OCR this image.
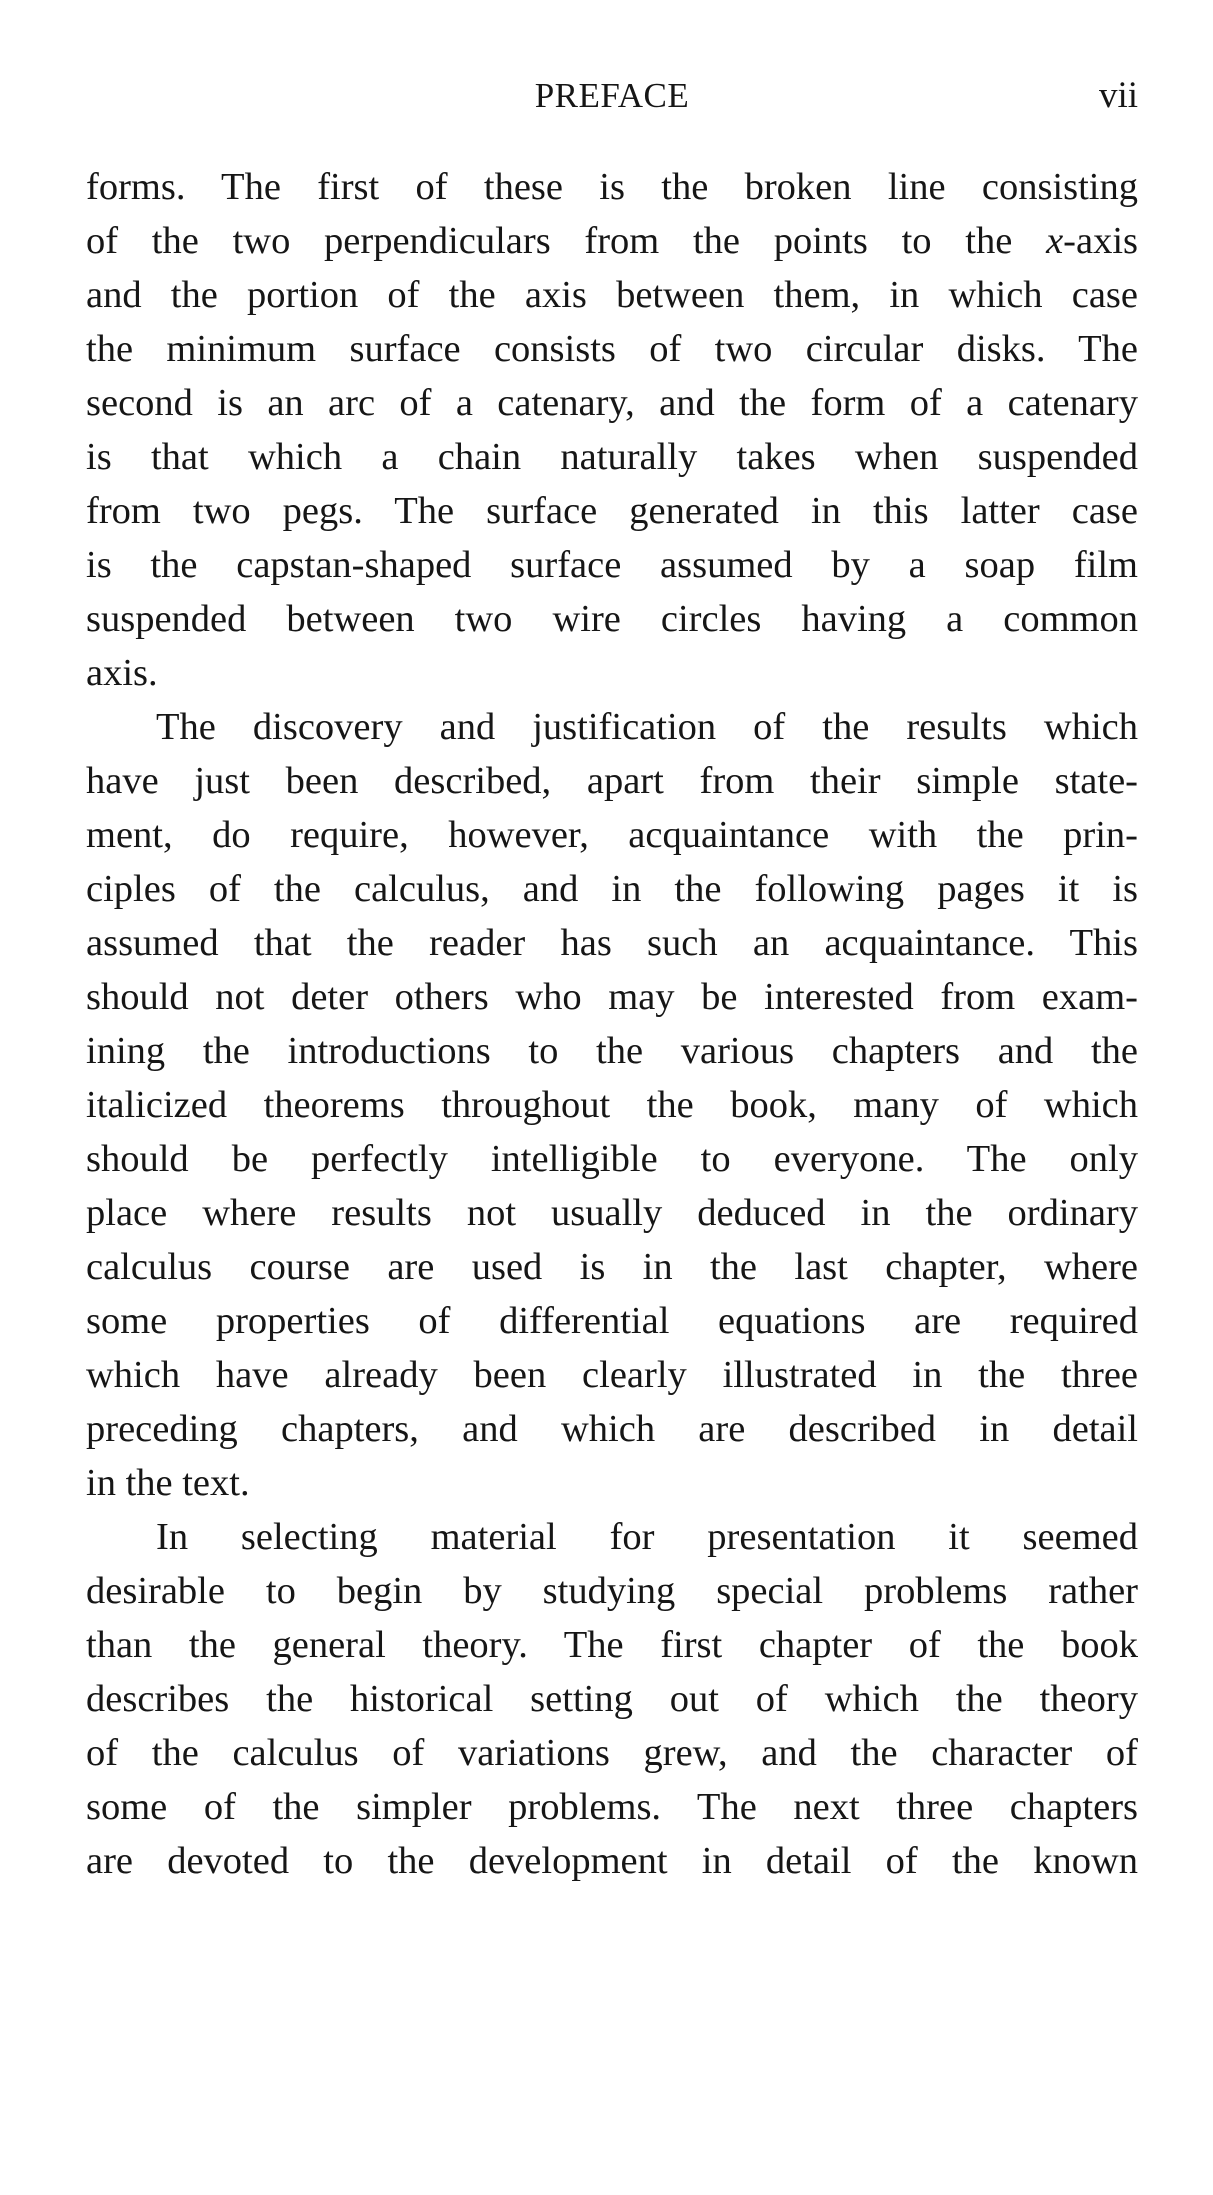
PREFACE	vii
forms. The first of these is the broken line consisting
of the two perpendiculars from the points to the x-axis
and the portion of the axis between them, in which case
the minimum surface consists of two circular disks. The
second is an arc of a catenary, and the form of a catenary
is that which a chain naturally takes when suspended
from two pegs. The surface generated in this latter case
is the capstan-shaped surface assumed by a soap film
suspended between two wire circles having a common
axis.
The discovery and justification of the results which
have just been described, apart from their simple state-
ment, do require, however, acquaintance with the prin-
ciples of the calculus, and in the following pages it is
assumed that the reader has such an acquaintance. This
should not deter others who may be interested from exam-
ining the introductions to the various chapters and the
italicized theorems throughout the book, many of which
should be perfectly intelligible to everyone. The only
place where results not usually deduced in the ordinary
calculus course are used is in the last chapter, where
some properties of differential equations are required
which have already been clearly illustrated in the three
preceding chapters, and which are described in detail
in the text.
In selecting material for presentation it seemed
desirable to begin by studying special problems rather
than the general theory. The first chapter of the book
describes the historical setting out of which the theory
of the calculus of variations grew, and the character of
some of the simpler problems. The next three chapters
are devoted to the development in detail of the known
